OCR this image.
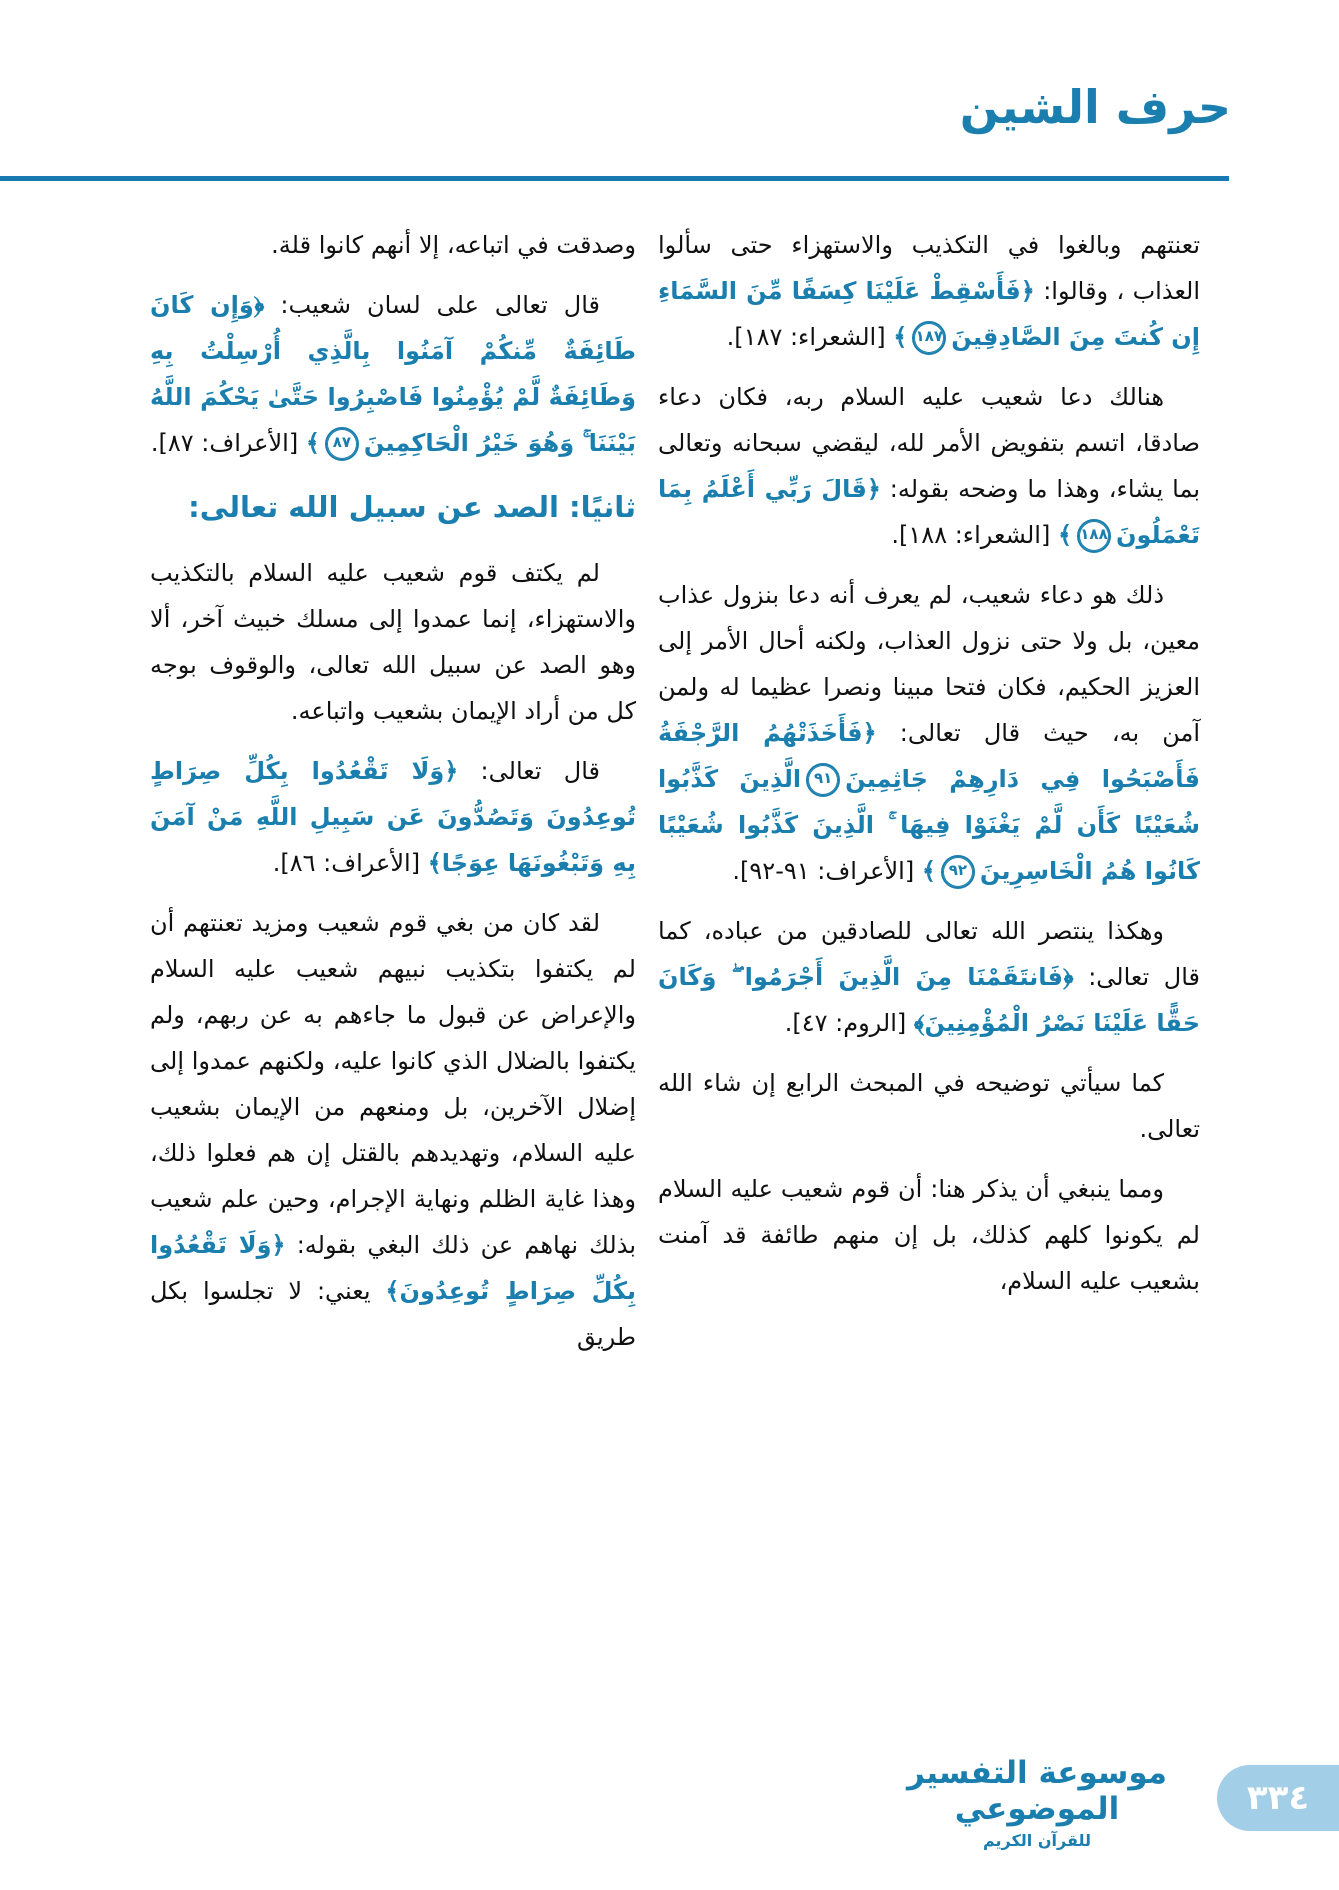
حرف الشين

تعنتهم وبالغوا في التكذيب والاستهزاء حتى سألوا العذاب ، وقالوا: ﴿فَأَسْقِطْ عَلَيْنَا كِسَفًا مِّنَ السَّمَاءِ إِن كُنتَ مِنَ الصَّادِقِينَ١٨٧﴾ [الشعراء: ١٨٧].

هنالك دعا شعيب عليه السلام ربه، فكان دعاء صادقا، اتسم بتفويض الأمر لله، ليقضي سبحانه وتعالى بما يشاء، وهذا ما وضحه بقوله: ﴿قَالَ رَبِّي أَعْلَمُ بِمَا تَعْمَلُونَ١٨٨﴾ [الشعراء: ١٨٨].

ذلك هو دعاء شعيب، لم يعرف أنه دعا بنزول عذاب معين، بل ولا حتى نزول العذاب، ولكنه أحال الأمر إلى العزيز الحكيم، فكان فتحا مبينا ونصرا عظيما له ولمن آمن به، حيث قال تعالى: ﴿فَأَخَذَتْهُمُ الرَّجْفَةُ فَأَصْبَحُوا فِي دَارِهِمْ جَاثِمِينَ٩١الَّذِينَ كَذَّبُوا شُعَيْبًا كَأَن لَّمْ يَغْنَوْا فِيهَا ۚ الَّذِينَ كَذَّبُوا شُعَيْبًا كَانُوا هُمُ الْخَاسِرِينَ٩٢﴾ [الأعراف: ٩١-٩٢].

وهكذا ينتصر الله تعالى للصادقين من عباده، كما قال تعالى: ﴿فَانتَقَمْنَا مِنَ الَّذِينَ أَجْرَمُوا ۖ وَكَانَ حَقًّا عَلَيْنَا نَصْرُ الْمُؤْمِنِينَ﴾ [الروم: ٤٧].

كما سيأتي توضيحه في المبحث الرابع إن شاء الله تعالى.

ومما ينبغي أن يذكر هنا: أن قوم شعيب عليه السلام لم يكونوا كلهم كذلك، بل إن منهم طائفة قد آمنت بشعيب عليه السلام،

وصدقت في اتباعه، إلا أنهم كانوا قلة.

قال تعالى على لسان شعيب: ﴿وَإِن كَانَ طَائِفَةٌ مِّنكُمْ آمَنُوا بِالَّذِي أُرْسِلْتُ بِهِ وَطَائِفَةٌ لَّمْ يُؤْمِنُوا فَاصْبِرُوا حَتَّىٰ يَحْكُمَ اللَّهُ بَيْنَنَا ۚ وَهُوَ خَيْرُ الْحَاكِمِينَ٨٧﴾ [الأعراف: ٨٧].

ثانيًا: الصد عن سبيل الله تعالى:

لم يكتف قوم شعيب عليه السلام بالتكذيب والاستهزاء، إنما عمدوا إلى مسلك خبيث آخر، ألا وهو الصد عن سبيل الله تعالى، والوقوف بوجه كل من أراد الإيمان بشعيب واتباعه.

قال تعالى: ﴿وَلَا تَقْعُدُوا بِكُلِّ صِرَاطٍ تُوعِدُونَ وَتَصُدُّونَ عَن سَبِيلِ اللَّهِ مَنْ آمَنَ بِهِ وَتَبْغُونَهَا عِوَجًا﴾ [الأعراف: ٨٦].

لقد كان من بغي قوم شعيب ومزيد تعنتهم أن لم يكتفوا بتكذيب نبيهم شعيب عليه السلام والإعراض عن قبول ما جاءهم به عن ربهم، ولم يكتفوا بالضلال الذي كانوا عليه، ولكنهم عمدوا إلى إضلال الآخرين، بل ومنعهم من الإيمان بشعيب عليه السلام، وتهديدهم بالقتل إن هم فعلوا ذلك، وهذا غاية الظلم ونهاية الإجرام، وحين علم شعيب بذلك نهاهم عن ذلك البغي بقوله: ﴿وَلَا تَقْعُدُوا بِكُلِّ صِرَاطٍ تُوعِدُونَ﴾ يعني: لا تجلسوا بكل طريق

موسوعة التفسير الموضوعي
للقرآن الكريم
٣٣٤
